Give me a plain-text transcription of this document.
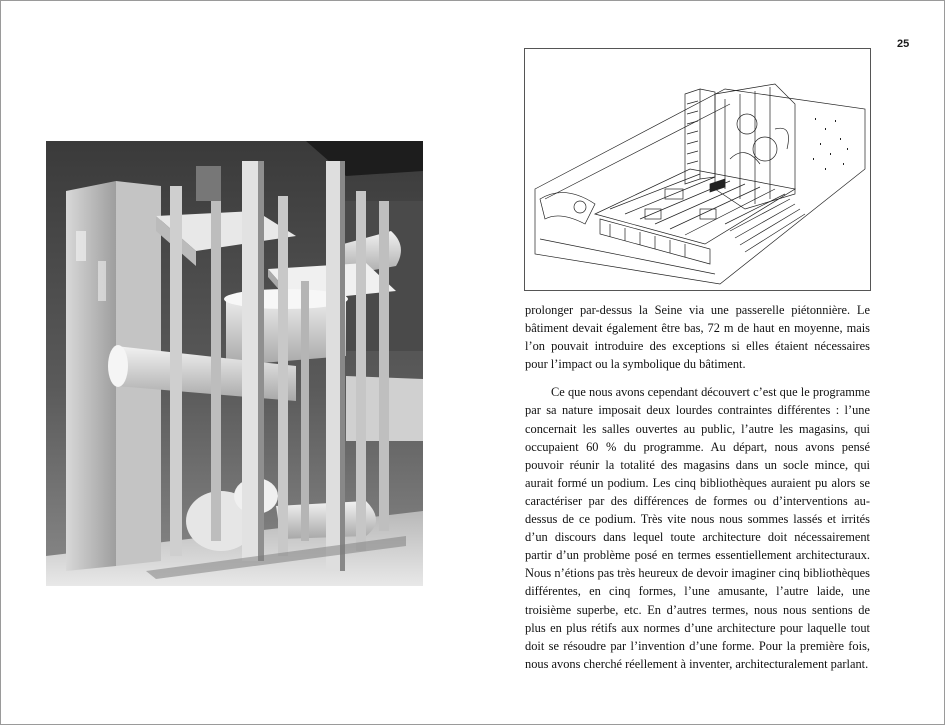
25

prolonger par-dessus la Seine via une passerelle piétonnière. Le bâtiment devait également être bas, 72 m de haut en moyenne, mais l’on pouvait introduire des exceptions si elles étaient nécessaires pour l’impact ou la symbolique du bâtiment.

Ce que nous avons cependant découvert c’est que le programme par sa nature imposait deux lourdes contraintes différentes : l’une concernait les salles ouvertes au public, l’autre les magasins, qui occupaient 60 % du programme. Au départ, nous avons pensé pouvoir réunir la totalité des magasins dans un socle mince, qui aurait formé un podium. Les cinq bibliothèques auraient pu alors se caractériser par des différences de formes ou d’interventions au-dessus de ce podium. Très vite nous nous sommes lassés et irrités d’un discours dans lequel toute architecture doit nécessairement partir d’un problème posé en termes essentiellement architecturaux. Nous n’étions pas très heureux de devoir imaginer cinq bibliothèques différentes, en cinq formes, l’une amusante, l’autre laide, une troisième superbe, etc. En d’autres termes, nous nous sentions de plus en plus rétifs aux normes d’une architecture pour laquelle tout doit se résoudre par l’invention d’une forme. Pour la première fois, nous avons cherché réellement à inventer, architecturalement parlant.
